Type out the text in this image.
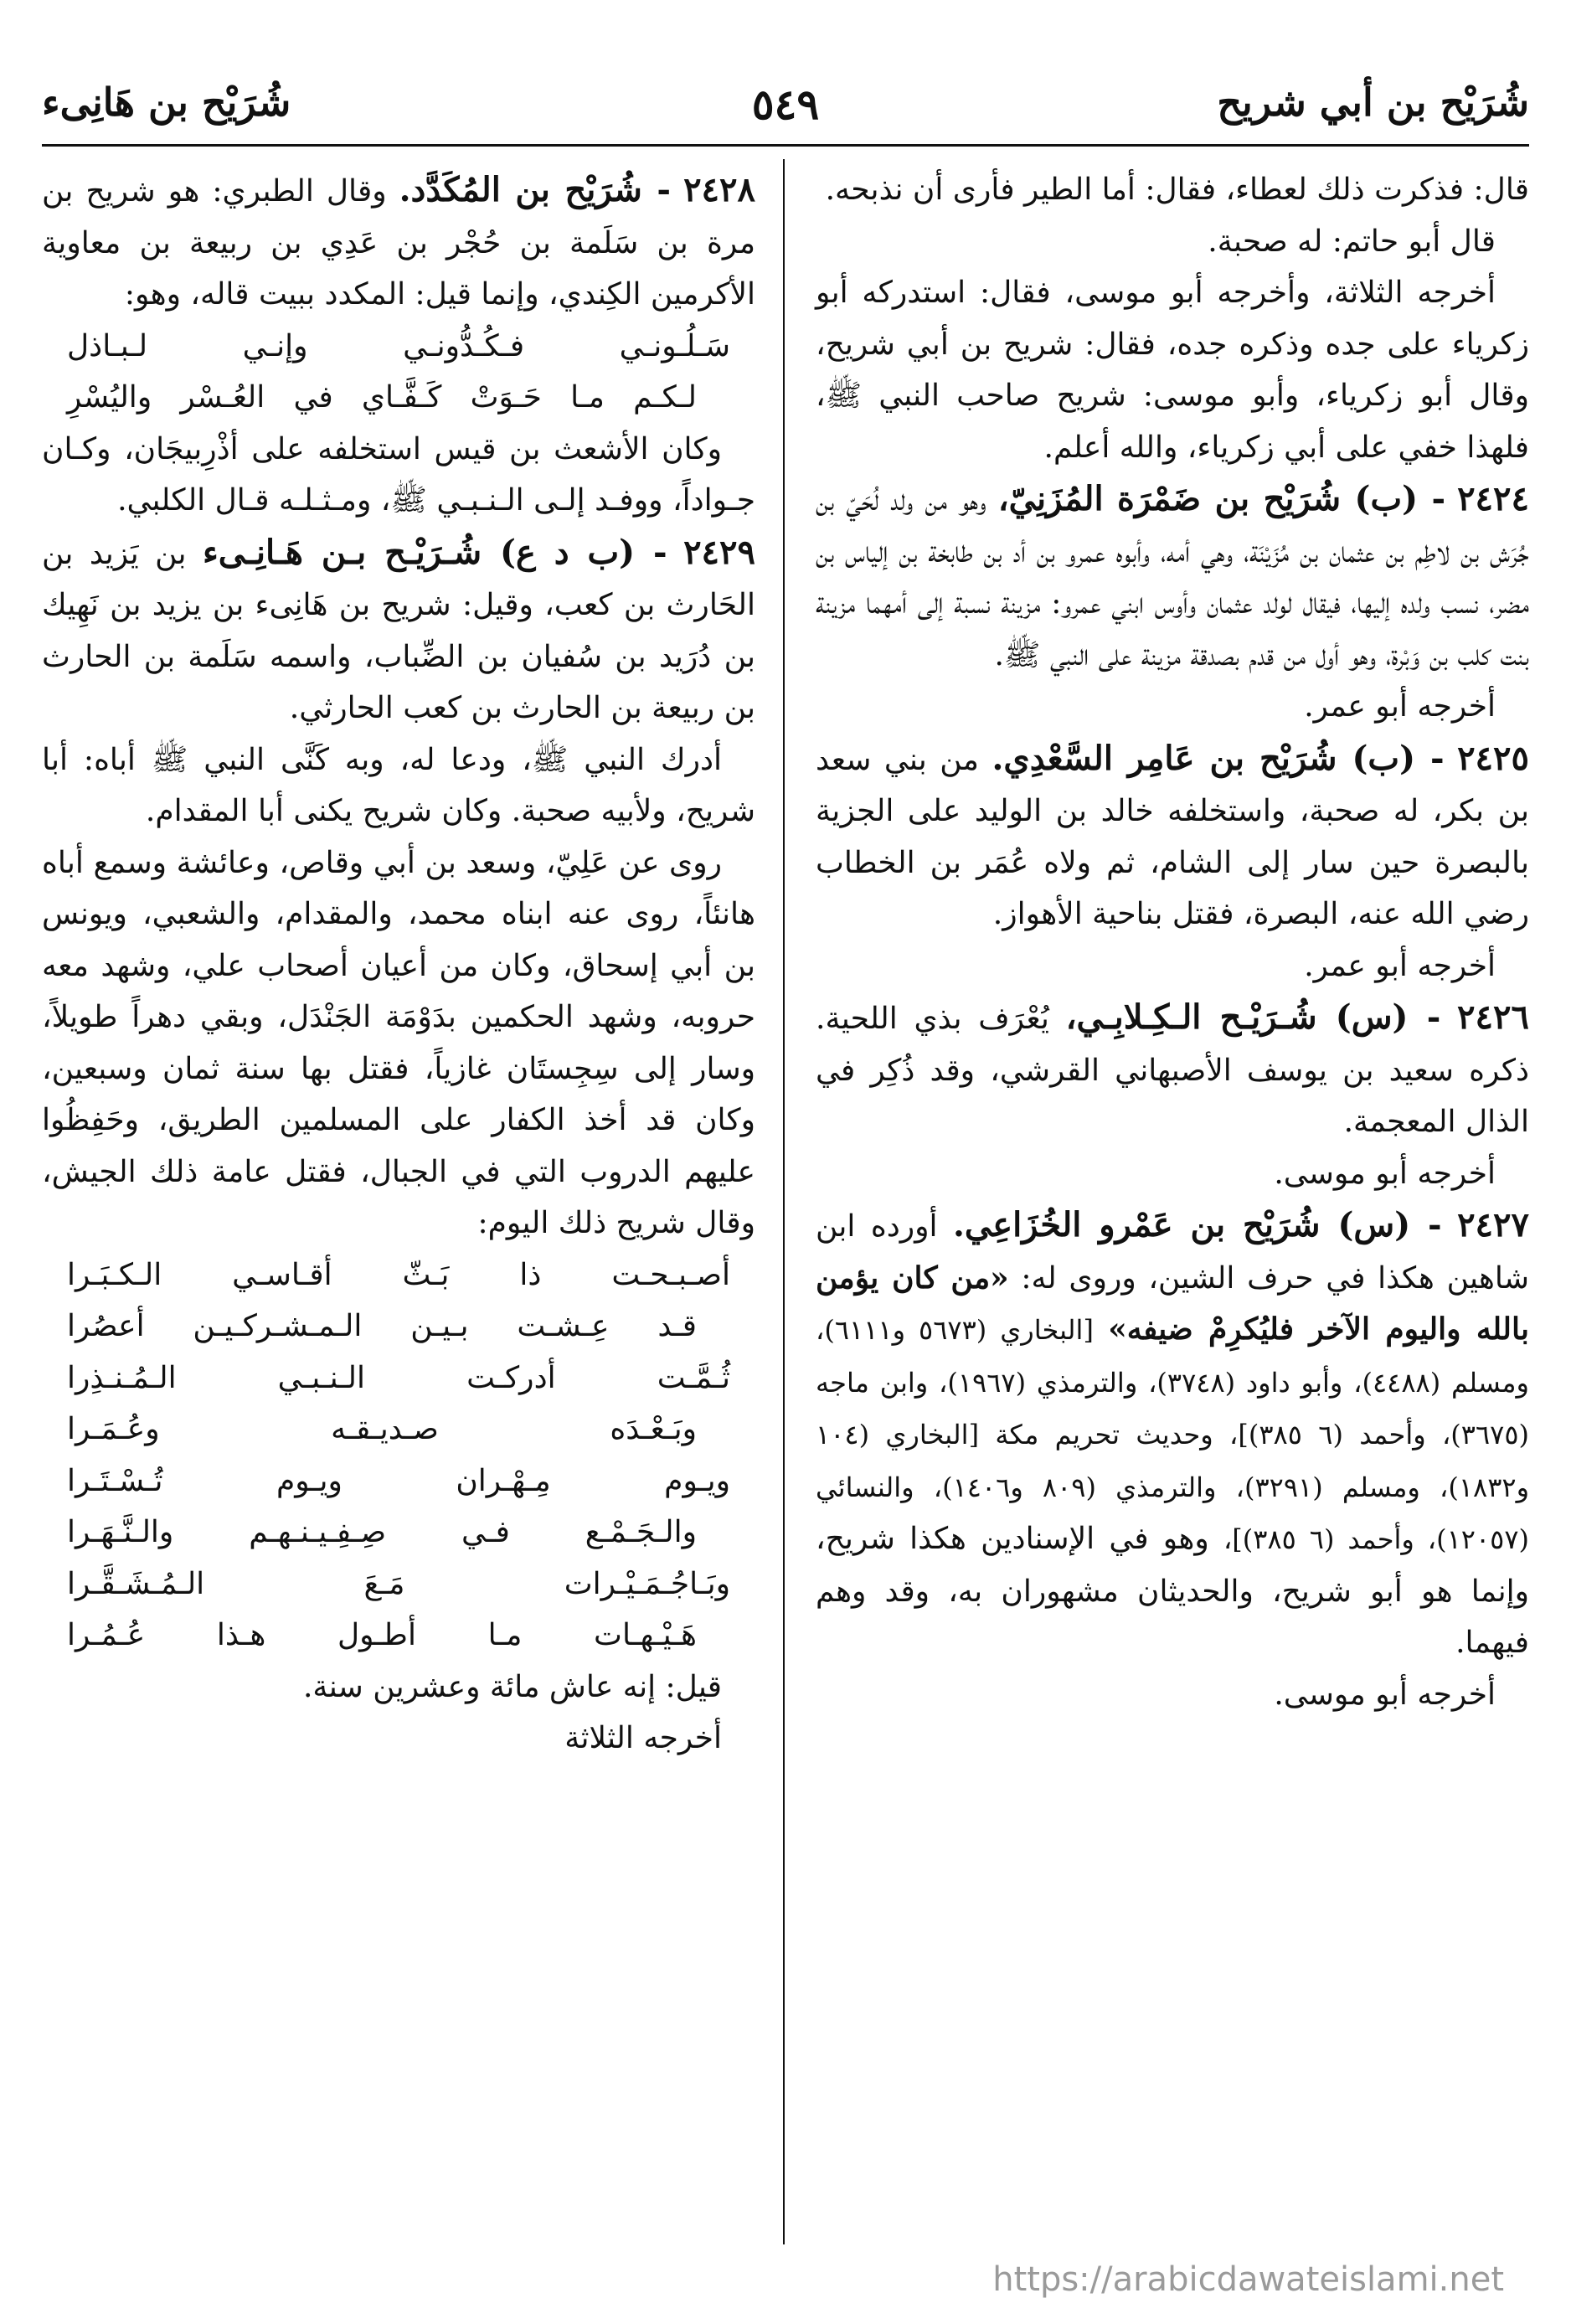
شُرَيْح بن أبي شريح
٥٤٩
شُرَيْح بن هَانِىء

قال: فذكرت ذلك لعطاء، فقال: أما الطير فأرى أن نذبحه.

قال أبو حاتم: له صحبة.

أخرجه الثلاثة، وأخرجه أبو موسى، فقال: استدركه أبو زكرياء على جده وذكره جده، فقال: شريح بن أبي شريح، وقال أبو زكرياء، وأبو موسى: شريح صاحب النبي ﷺ، فلهذا خفي على أبي زكرياء، والله أعلم.

٢٤٢٤ - (ب) شُرَيْح بن ضَمْرَة المُزَنِيّ، وهو من ولد لُحَيّ بن جُرَش بن لاطِم بن عثمان بن مُزَيْنَة، وهي أمه، وأبوه عمرو بن أد بن طابخة بن إلياس بن مضر، نسب ولده إليها، فيقال لولد عثمان وأوس ابني عمرو: مزينة نسبة إلى أمهما مزينة بنت كلب بن وَبْرة، وهو أول من قدم بصدقة مزينة على النبي ﷺ.

أخرجه أبو عمر.

٢٤٢٥ - (ب) شُرَيْح بن عَامِر السَّعْدِي. من بني سعد بن بكر، له صحبة، واستخلفه خالد بن الوليد على الجزية بالبصرة حين سار إلى الشام، ثم ولاه عُمَر بن الخطاب رضي الله عنه، البصرة، فقتل بناحية الأهواز.

أخرجه أبو عمر.

٢٤٢٦ - (س) شُـرَيْـح الـكِـلابِـي، يُعْرَف بذي اللحية. ذكره سعيد بن يوسف الأصبهاني القرشي، وقد ذُكِر في الذال المعجمة.

أخرجه أبو موسى.

٢٤٢٧ - (س) شُرَيْح بن عَمْرو الخُزَاعِي. أورده ابن شاهين هكذا في حرف الشين، وروى له: «من كان يؤمن بالله واليوم الآخر فليُكرِمْ ضيفه» [البخاري (٥٦٧٣ و٦١١١)، ومسلم (٤٤٨٨)، وأبو داود (٣٧٤٨)، والترمذي (١٩٦٧)، وابن ماجه (٣٦٧٥)، وأحمد (٦ ٣٨٥)]، وحديث تحريم مكة [البخاري (١٠٤ و١٨٣٢)، ومسلم (٣٢٩١)، والترمذي (٨٠٩ و١٤٠٦)، والنسائي (١٢٠٥٧)، وأحمد (٦ ٣٨٥)]، وهو في الإسنادين هكذا شريح، وإنما هو أبو شريح، والحديثان مشهوران به، وقد وهم فيهما.

أخرجه أبو موسى.

٢٤٢٨ - شُرَيْح بن المُكَدَّد. وقال الطبري: هو شريح بن مرة بن سَلَمة بن حُجْر بن عَدِي بن ربيعة بن معاوية الأكرمين الكِندي، وإنما قيل: المكدد ببيت قاله، وهو:

سَـلُـونـي فـكُـدُّونـي وإنـي لـبـاذل

لـكـم مـا حَـوَتْ كَـفَّـاي في العُـسْر واليُسْرِ

وكان الأشعث بن قيس استخلفه على أذْرِبيجَان، وكـان جـواداً، ووفـد إلـى الـنـبـي ﷺ، ومـثـلـه قـال الكلبي.

٢٤٢٩ - (ب د ع) شُـرَيْـح بـن هَـانِـىء بن يَزيد بن الحَارث بن كعب، وقيل: شريح بن هَانِىء بن يزيد بن نَهِيك بن دُرَيد بن سُفيان بن الضِّباب، واسمه سَلَمة بن الحارث بن ربيعة بن الحارث بن كعب الحارثي.

أدرك النبي ﷺ، ودعا له، وبه كَنَّى النبي ﷺ أباه: أبا شريح، ولأبيه صحبة. وكان شريح يكنى أبا المقدام.

روى عن عَلِيّ، وسعد بن أبي وقاص، وعائشة وسمع أباه هانئاً، روى عنه ابناه محمد، والمقدام، والشعبي، ويونس بن أبي إسحاق، وكان من أعيان أصحاب علي، وشهد معه حروبه، وشهد الحكمين بدَوْمَة الجَنْدَل، وبقي دهراً طويلاً، وسار إلى سِجِستَان غازياً، فقتل بها سنة ثمان وسبعين، وكان قد أخذ الكفار على المسلمين الطريق، وحَفِظُوا عليهم الدروب التي في الجبال، فقتل عامة ذلك الجيش، وقال شريح ذلك اليوم:

أصـبـحـت ذا بَـثّ أقـاسـي الـكـبَـرا

قـد عِـشـت بـيـن الـمـشـركـيـن أعصُرا

ثُـمَّـت أدركـت الـنـبـي الـمُـنـذِرا

وبَـعْـدَه صـديـقـه وعُـمَـرا

ويـوم مِـهْـران ويـوم تُـسْـتَـرا

والـجَـمْـع فـي صِـفِـيـنـهـم والـنَّـهَـرا

وبَـاجُـمَـيْـرات مَـعَ الـمُـشَـقَّـرا

هَـيْـهـات مـا أطـول هـذا عُـمُـرا

قيل: إنه عاش مائة وعشرين سنة.

أخرجه الثلاثة

https://arabicdawateislami.net
